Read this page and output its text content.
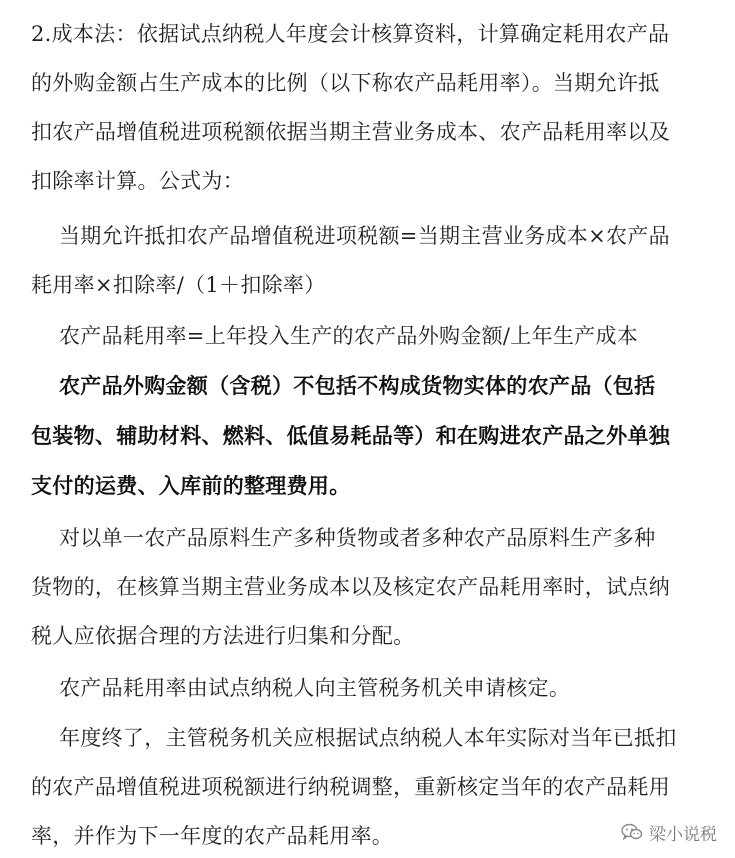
2.成本法：依据试点纳税人年度会计核算资料，计算确定耗用农产品
的外购金额占生产成本的比例（以下称农产品耗用率）。当期允许抵
扣农产品增值税进项税额依据当期主营业务成本、农产品耗用率以及
扣除率计算。公式为：
当期允许抵扣农产品增值税进项税额=当期主营业务成本×农产品
耗用率×扣除率/（1＋扣除率）
农产品耗用率=上年投入生产的农产品外购金额/上年生产成本
农产品外购金额（含税）不包括不构成货物实体的农产品（包括
包装物、辅助材料、燃料、低值易耗品等）和在购进农产品之外单独
支付的运费、入库前的整理费用。
对以单一农产品原料生产多种货物或者多种农产品原料生产多种
货物的，在核算当期主营业务成本以及核定农产品耗用率时，试点纳
税人应依据合理的方法进行归集和分配。
农产品耗用率由试点纳税人向主管税务机关申请核定。
年度终了，主管税务机关应根据试点纳税人本年实际对当年已抵扣
的农产品增值税进项税额进行纳税调整，重新核定当年的农产品耗用
率，并作为下一年度的农产品耗用率。	梁小说税
